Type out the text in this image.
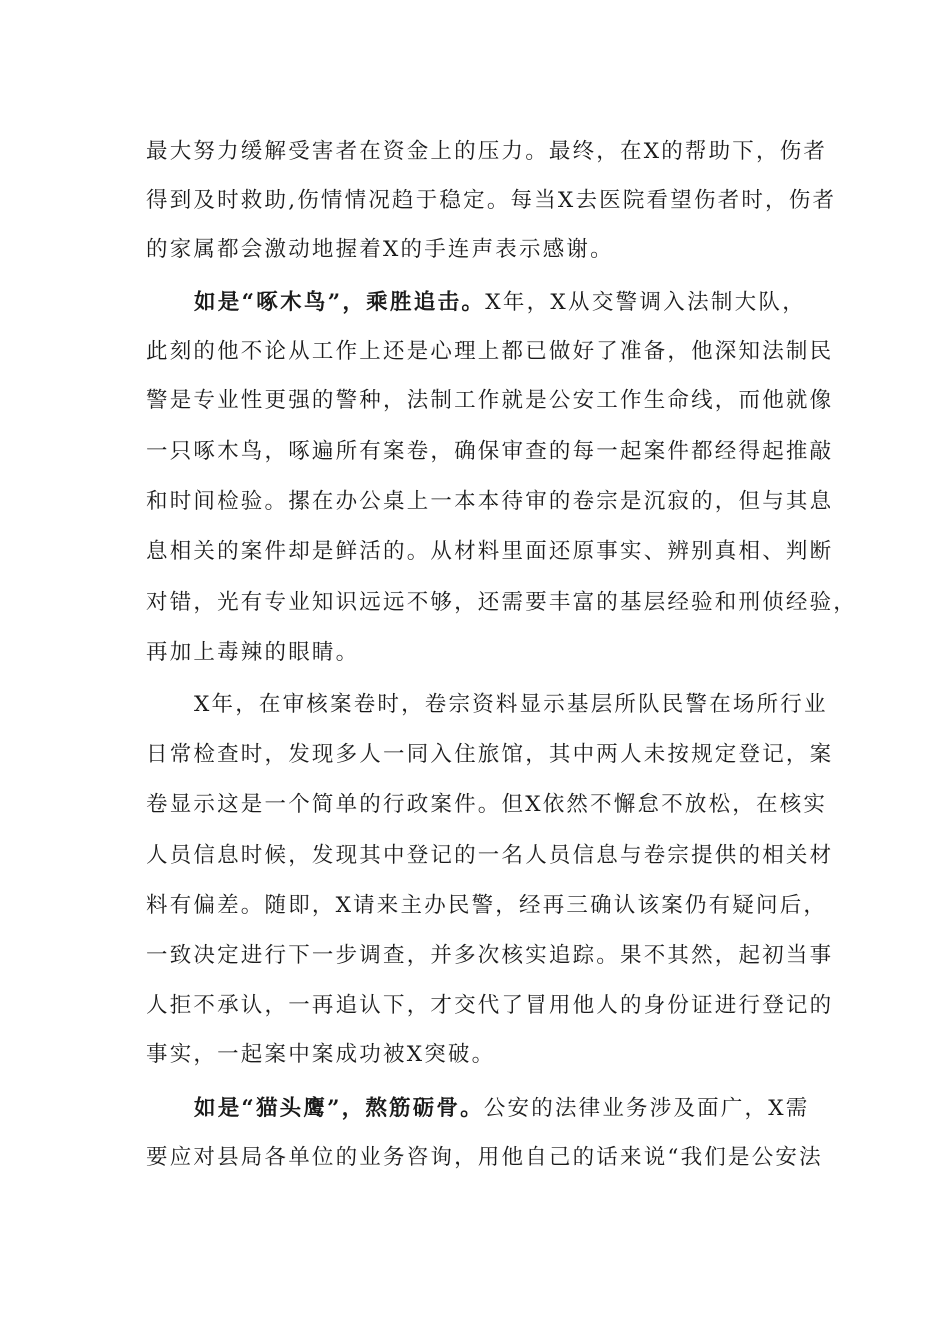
最大努力缓解受害者在资金上的压力。最终，在X的帮助下，伤者
得到及时救助,伤情情况趋于稳定。每当X去医院看望伤者时，伤者
的家属都会激动地握着X的手连声表示感谢。
如是“啄木鸟”，乘胜追击。X年，X从交警调入法制大队，
此刻的他不论从工作上还是心理上都已做好了准备，他深知法制民
警是专业性更强的警种，法制工作就是公安工作生命线，而他就像
一只啄木鸟，啄遍所有案卷，确保审查的每一起案件都经得起推敲
和时间检验。摞在办公桌上一本本待审的卷宗是沉寂的，但与其息
息相关的案件却是鲜活的。从材料里面还原事实、辨别真相、判断
对错，光有专业知识远远不够，还需要丰富的基层经验和刑侦经验，
再加上毒辣的眼睛。
X年，在审核案卷时，卷宗资料显示基层所队民警在场所行业
日常检查时，发现多人一同入住旅馆，其中两人未按规定登记，案
卷显示这是一个简单的行政案件。但X依然不懈怠不放松，在核实
人员信息时候，发现其中登记的一名人员信息与卷宗提供的相关材
料有偏差。随即，X请来主办民警，经再三确认该案仍有疑问后，
一致决定进行下一步调查，并多次核实追踪。果不其然，起初当事
人拒不承认，一再追认下，才交代了冒用他人的身份证进行登记的
事实，一起案中案成功被X突破。
如是“猫头鹰”，熬筋砺骨。公安的法律业务涉及面广，X需
要应对县局各单位的业务咨询，用他自己的话来说“我们是公安法
